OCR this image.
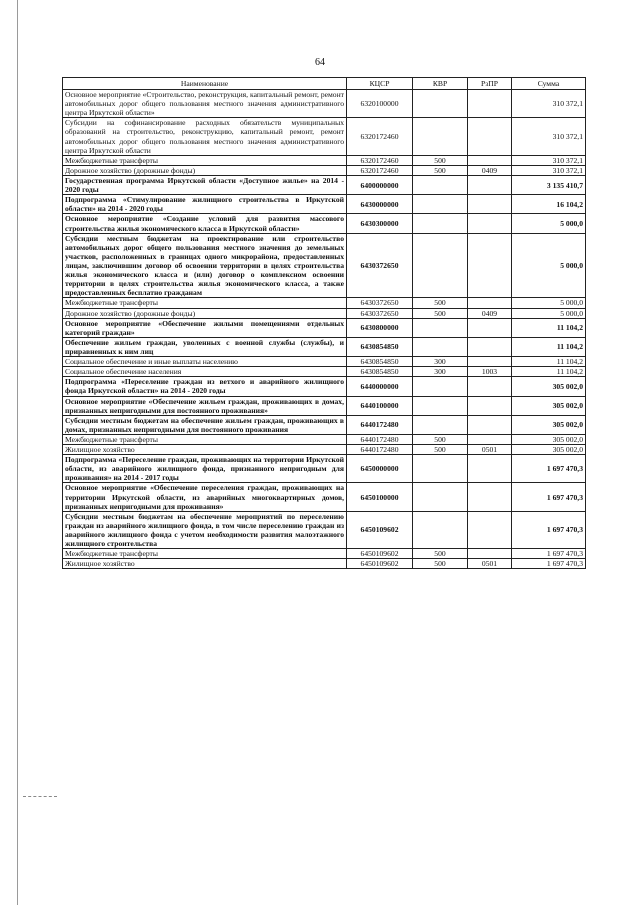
64
Наименование	КЦСР	КВР	РзПР	Сумма
Основное мероприятие «Строительство, реконструкция, капитальный ремонт, ремонт автомобильных дорог общего пользования местного значения административного центра Иркутской области»	6320100000			310 372,1
Субсидии на софинансирование расходных обязательств муниципальных образований на строительство, реконструкцию, капитальный ремонт, ремонт автомобильных дорог общего пользования местного значения административного центра Иркутской области	6320172460			310 372,1
Межбюджетные трансферты	6320172460	500		310 372,1
Дорожное хозяйство (дорожные фонды)	6320172460	500	0409	310 372,1
Государственная программа Иркутской области «Доступное жилье» на 2014 - 2020 годы	6400000000			3 135 410,7
Подпрограмма «Стимулирование жилищного строительства в Иркутской области» на 2014 - 2020 годы	6430000000			16 104,2
Основное мероприятие «Создание условий для развития массового строительства жилья экономического класса в Иркутской области»	6430300000			5 000,0
Субсидии местным бюджетам на проектирование или строительство автомобильных дорог общего пользования местного значения до земельных участков, расположенных в границах одного микрорайона, предоставленных лицам, заключившим договор об освоении территории в целях строительства жилья экономического класса и (или) договор о комплексном освоении территории в целях строительства жилья экономического класса, а также предоставленных бесплатно гражданам	6430372650			5 000,0
Межбюджетные трансферты	6430372650	500		5 000,0
Дорожное хозяйство (дорожные фонды)	6430372650	500	0409	5 000,0
Основное мероприятие «Обеспечение жилыми помещениями отдельных категорий граждан»	6430800000			11 104,2
Обеспечение жильем граждан, уволенных с военной службы (службы), и приравненных к ним лиц	6430854850			11 104,2
Социальное обеспечение и иные выплаты населению	6430854850	300		11 104,2
Социальное обеспечение населения	6430854850	300	1003	11 104,2
Подпрограмма «Переселение граждан из ветхого и аварийного жилищного фонда Иркутской области» на 2014 - 2020 годы	6440000000			305 002,0
Основное мероприятие «Обеспечение жильем граждан, проживающих в домах, признанных непригодными для постоянного проживания»	6440100000			305 002,0
Субсидии местным бюджетам на обеспечение жильем граждан, проживающих в домах, признанных непригодными для постоянного проживания	6440172480			305 002,0
Межбюджетные трансферты	6440172480	500		305 002,0
Жилищное хозяйство	6440172480	500	0501	305 002,0
Подпрограмма «Переселение граждан, проживающих на территории Иркутской области, из аварийного жилищного фонда, признанного непригодным для проживания» на 2014 - 2017 годы	6450000000			1 697 470,3
Основное мероприятие «Обеспечение переселения граждан, проживающих на территории Иркутской области, из аварийных многоквартирных домов, признанных непригодными для проживания»	6450100000			1 697 470,3
Субсидии местным бюджетам на обеспечение мероприятий по переселению граждан из аварийного жилищного фонда, в том числе переселению граждан из аварийного жилищного фонда с учетом необходимости развития малоэтажного жилищного строительства	6450109602			1 697 470,3
Межбюджетные трансферты	6450109602	500		1 697 470,3
Жилищное хозяйство	6450109602	500	0501	1 697 470,3
